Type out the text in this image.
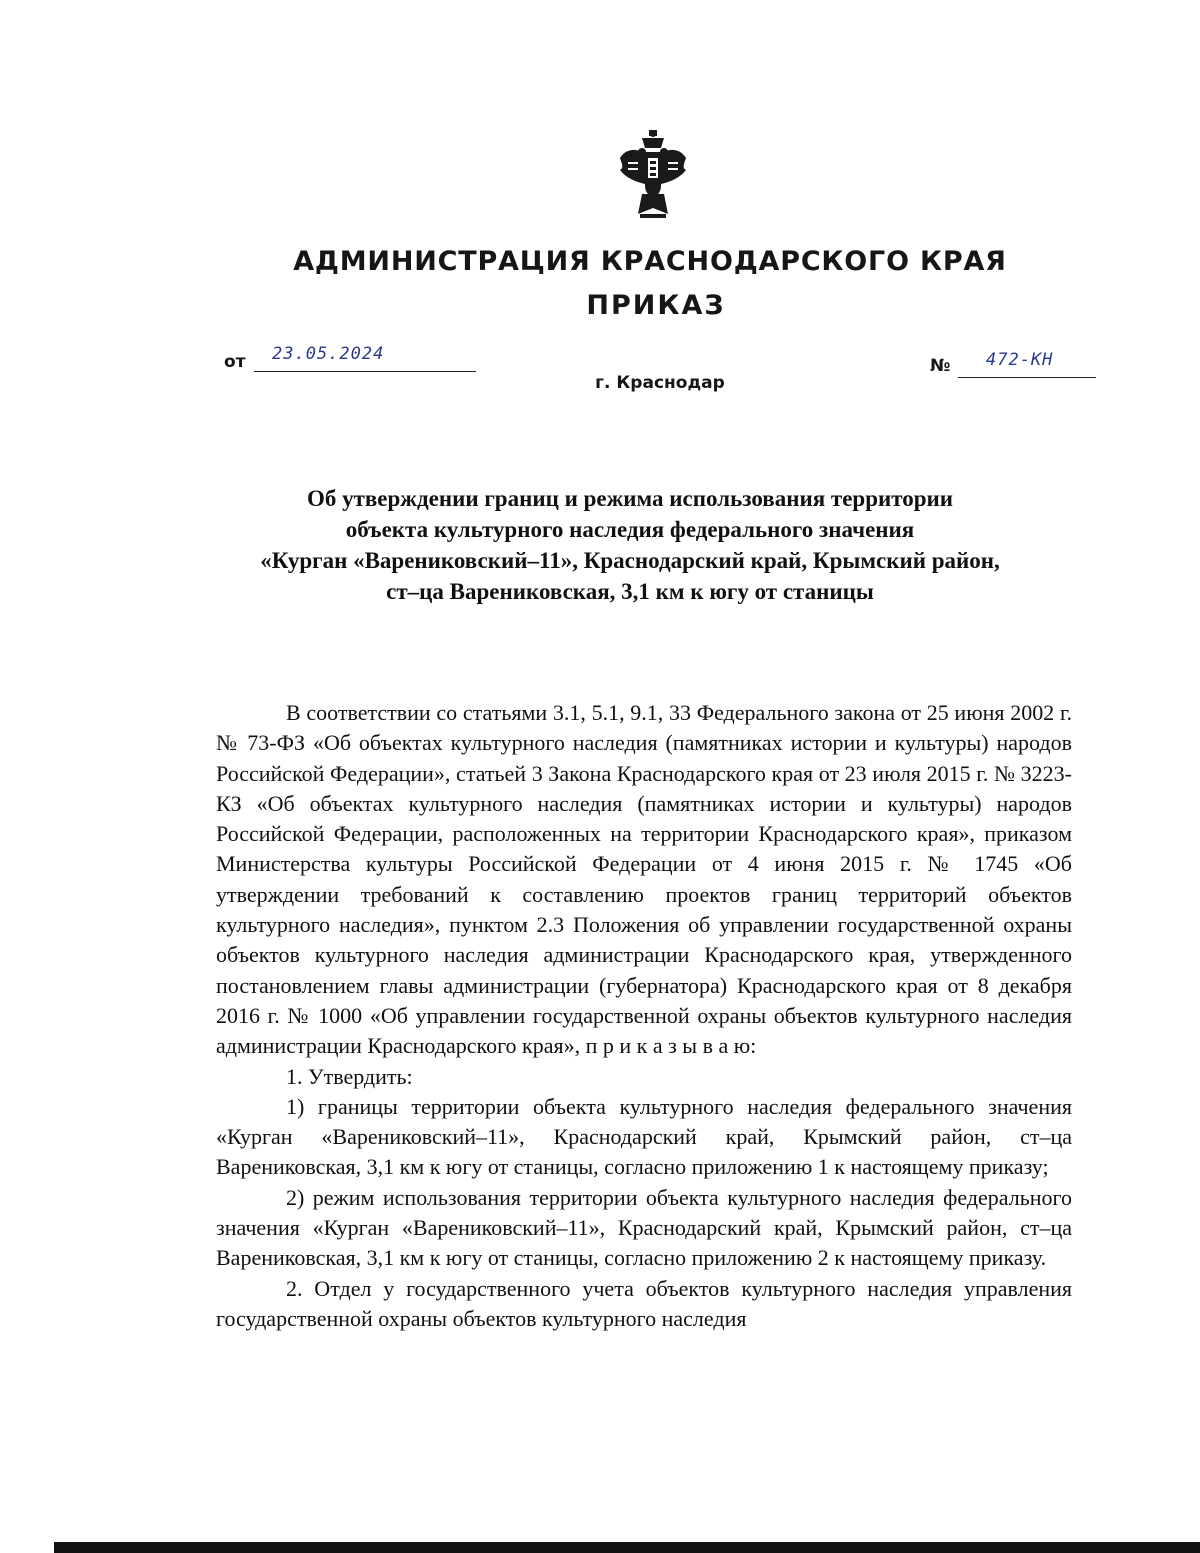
АДМИНИСТРАЦИЯ КРАСНОДАРСКОГО КРАЯ
ПРИКАЗ
от 23.05.2024
№ 472-КН
г. Краснодар
Об утверждении границ и режима использования территории
объекта культурного наследия федерального значения
«Курган «Варениковский–11», Краснодарский край, Крымский район,
ст–ца Варениковская, 3,1 км к югу от станицы

В соответствии со статьями 3.1, 5.1, 9.1, 33 Федерального закона от 25 июня 2002 г. № 73-ФЗ «Об объектах культурного наследия (памятниках истории и культуры) народов Российской Федерации», статьей 3 Закона Краснодарского края от 23 июля 2015 г. № 3223-КЗ «Об объектах культурного наследия (памятниках истории и культуры) народов Российской Федерации, расположенных на территории Краснодарского края», приказом Министерства культуры Российской Федерации от 4 июня 2015 г. № 1745 «Об утверждении требований к составлению проектов границ территорий объектов культурного наследия», пунктом 2.3 Положения об управлении государственной охраны объектов культурного наследия администрации Краснодарского края, утвержденного постановлением главы администрации (губернатора) Краснодарского края от 8 декабря 2016 г. № 1000 «Об управлении государственной охраны объектов культурного наследия администрации Краснодарского края», п р и к а з ы в а ю:

1. Утвердить:

1) границы территории объекта культурного наследия федерального значения «Курган «Варениковский–11», Краснодарский край, Крымский район, ст–ца Варениковская, 3,1 км к югу от станицы, согласно приложению 1 к настоящему приказу;

2) режим использования территории объекта культурного наследия федерального значения «Курган «Варениковский–11», Краснодарский край, Крымский район, ст–ца Варениковская, 3,1 км к югу от станицы, согласно приложению 2 к настоящему приказу.

2. Отдел у государственного учета объектов культурного наследия управления государственной охраны объектов культурного наследия
